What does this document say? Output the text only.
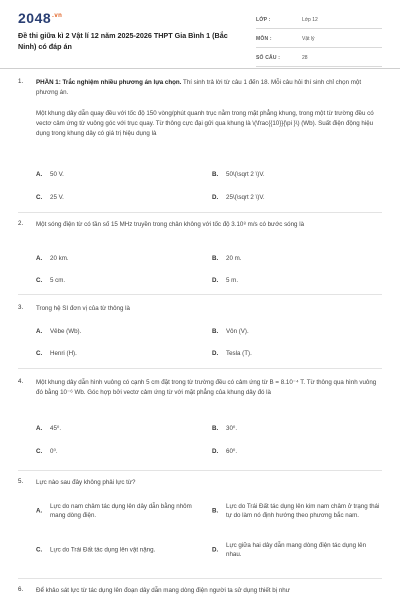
$2048^{.vn}$
Đề thi giữa kì 2 Vật lí 12 năm 2025-2026 THPT Gia Bình 1 (Bắc Ninh) có đáp án
LỚP :	Lớp 12
MÔN :	Vật lý
SỐ CÂU :	28
1.	PHẦN 1: Trắc nghiệm nhiều phương án lựa chọn. Thí sinh trả lời từ câu 1 đến 18. Mỗi câu hỏi thí sinh chỉ chọn một phương án.
Một khung dây dẫn quay đều với tốc độ 150 vòng/phút quanh trục nằm trong mặt phẳng khung, trong một từ trường đều có vectơ cảm ứng từ vuông góc với trục quay. Từ thông cực đại gửi qua khung là \(\frac{{10}}{\pi }\) (Wb). Suất điện động hiệu dụng trong khung dây có giá trị hiệu dụng là
A. 50 V.	B. 50\(\sqrt 2 \)V.
C. 25 V.	D. 25\(\sqrt 2 \)V.
2.	Một sóng điện từ có tần số 15 MHz truyền trong chân không với tốc độ 3.10⁸ m/s có bước sóng là
A. 20 km.	B. 20 m.
C. 5 cm.	D. 5 m.
3.	Trong hệ SI đơn vị của từ thông là
A. Vêbe (Wb).	B. Vôn (V).
C. Henri (H).	D. Tesla (T).
4.	Một khung dây dẫn hình vuông có cạnh 5 cm đặt trong từ trường đều có cảm ứng từ B = 8.10⁻⁴ T. Từ thông qua hình vuông đó bằng 10⁻⁶ Wb. Góc hợp bởi vectơ cảm ứng từ với mặt phẳng của khung dây đó là
A. 45⁰.	B. 30⁰.
C. 0⁰.	D. 60⁰.
5.	Lực nào sau đây không phải lực từ?
A.
Lực do nam châm tác dụng lên dây dẫn bằng nhôm mang dòng điện.
B.
Lực do Trái Đất tác dụng lên kim nam châm ở trạng thái tự do làm nó định hướng theo phương bắc nam.
C. Lực do Trái Đất tác dụng lên vật nặng.	D.
Lực giữa hai dây dẫn mang dòng điện tác dụng lên nhau.
6.	Để khảo sát lực từ tác dụng lên đoạn dây dẫn mang dòng điện người ta sử dụng thiết bị như
